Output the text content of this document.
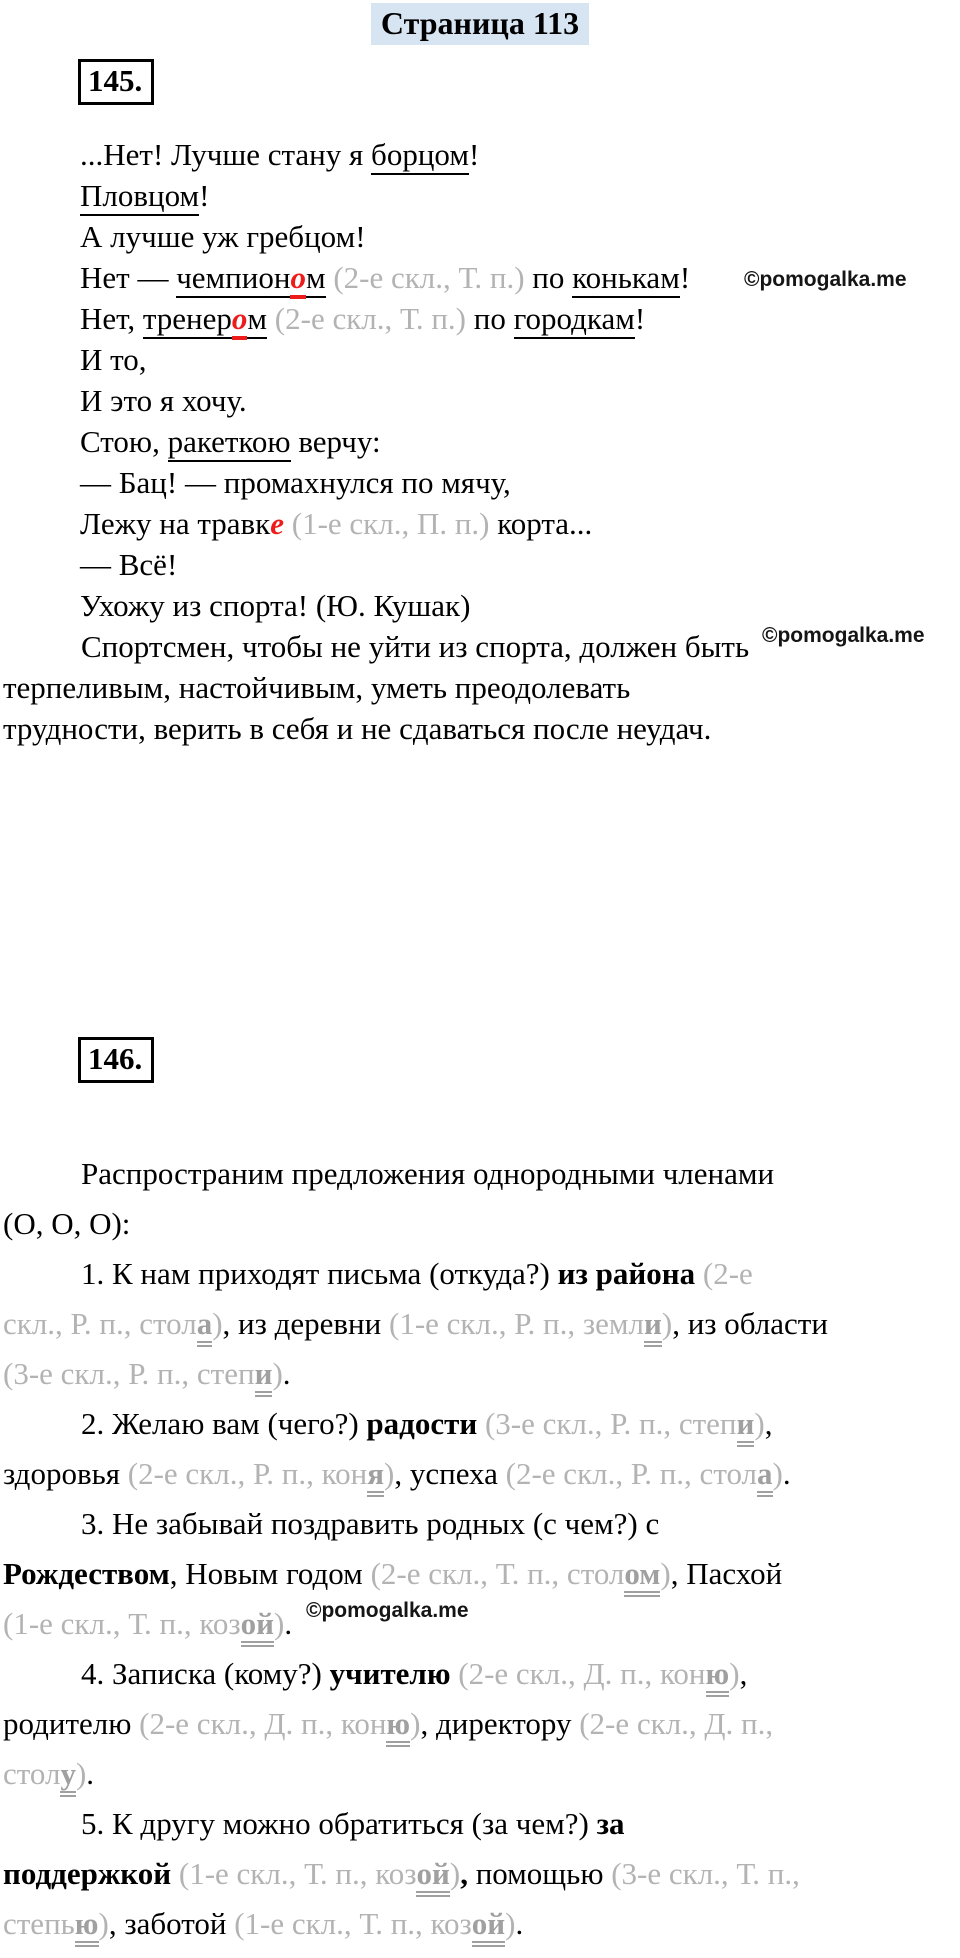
Страница 113
145.
...Нет! Лучше стану я борцом!
Пловцом!
А лучше уж гребцом!
Нет — чемпионом (2-е скл., Т. п.) по конькам!
Нет, тренером (2-е скл., Т. п.) по городкам!
И то,
И это я хочу.
Стою, ракеткою верчу:
— Бац! — промахнулся по мячу,
Лежу на травке (1-е скл., П. п.) корта...
— Всё!
Ухожу из спорта! (Ю. Кушак)
Спортсмен, чтобы не уйти из спорта, должен быть
терпеливым, настойчивым, уметь преодолевать
трудности, верить в себя и не сдаваться после неудач.
146.
Распространим предложения однородными членами
(О, О, О):
1. К нам приходят письма (откуда?) из района (2-е
скл., Р. п., стола), из деревни (1-е скл., Р. п., земли), из области
(3-е скл., Р. п., степи).
2. Желаю вам (чего?) радости (3-е скл., Р. п., степи),
здоровья (2-е скл., Р. п., коня), успеха (2-е скл., Р. п., стола).
3. Не забывай поздравить родных (с чем?) с
Рождеством, Новым годом (2-е скл., Т. п., столом), Пасхой
(1-е скл., Т. п., козой).
4. Записка (кому?) учителю (2-е скл., Д. п., коню),
родителю (2-е скл., Д. п., коню), директору (2-е скл., Д. п.,
столу).
5. К другу можно обратиться (за чем?) за
поддержкой (1-е скл., Т. п., козой), помощью (3-е скл., Т. п.,
степью), заботой (1-е скл., Т. п., козой).
©pomogalka.me
©pomogalka.me
©pomogalka.me
